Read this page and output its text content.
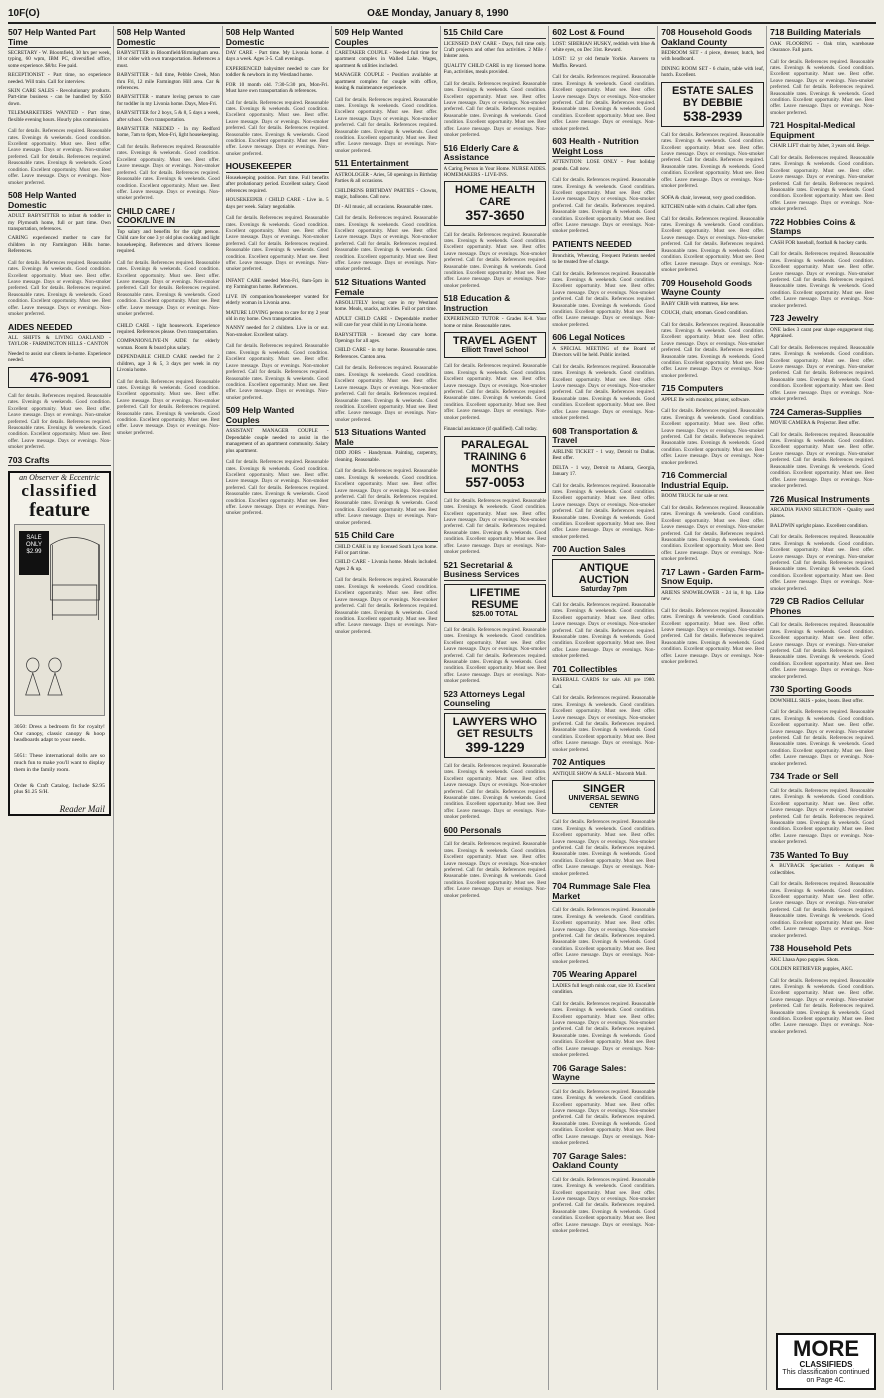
10F(O)	O&E Monday, January 8, 1990
507 Help Wanted Part Time

SECRETARY - W. Bloomfield, 30 hrs per week, typing, 60 wpm, IBM PC, diversified office, some experience. $8/hr. Fee paid.

RECEPTIONIST - Part time, no experience needed. Will train. Call for interview.

SKIN CARE SALES - Revolutionary products. Part-time business - can be handled by $350 down.

TELEMARKETERS WANTED - Part time, flexible evening hours. Hourly plus commission.

Call for details. References required. Reasonable rates. Evenings & weekends. Good condition. Excellent opportunity. Must see. Best offer. Leave message. Days or evenings. Non-smoker preferred. Call for details. References required. Reasonable rates. Evenings & weekends. Good condition. Excellent opportunity. Must see. Best offer. Leave message. Days or evenings. Non-smoker preferred.

508 Help Wanted Domestic

ADULT BABYSITTER to infant & toddler in my Plymouth home, full or part time. Own transportation, references.

CARING experienced mother to care for children in my Farmington Hills home. References.

Call for details. References required. Reasonable rates. Evenings & weekends. Good condition. Excellent opportunity. Must see. Best offer. Leave message. Days or evenings. Non-smoker preferred. Call for details. References required. Reasonable rates. Evenings & weekends. Good condition. Excellent opportunity. Must see. Best offer. Leave message. Days or evenings. Non-smoker preferred.

AIDES NEEDED

ALL SHIFTS & LIVING OAKLAND - TAYLOR - FARMINGTON HILLS - CANTON

Needed to assist our clients in-home. Experience needed.

476-9091

Call for details. References required. Reasonable rates. Evenings & weekends. Good condition. Excellent opportunity. Must see. Best offer. Leave message. Days or evenings. Non-smoker preferred. Call for details. References required. Reasonable rates. Evenings & weekends. Good condition. Excellent opportunity. Must see. Best offer. Leave message. Days or evenings. Non-smoker preferred.

703 Crafts

an Observer & Eccentric
classified
feature
SALE ONLY $2.99

3050: Dress a bedroom fit for royalty! Our canopy, classic canopy & hoop headboards adapt to your needs.

5051: These international dolls are so much fun to make you'll want to display them in the family room.

Order & Craft Catalog. Include $2.95 plus $1.25 S/H.

Reader Mail
508 Help Wanted Domestic

BABYSITTER in Bloomfield/Birmingham area. 18 or older with own transportation. References a must.

BABYSITTER - full time, Pebble Creek, Mon thru Fri, 12 mile Farmington Hill area. Car & references.

BABYSITTER - mature loving person to care for toddler in my Livonia home. Days, Mon-Fri.

BABYSITTER for 2 boys, 5 & 8, 5 days a week, after school. Own transportation.

BABYSITTER NEEDED - In my Redford home, 7am to 6pm, Mon-Fri, light housekeeping.

Call for details. References required. Reasonable rates. Evenings & weekends. Good condition. Excellent opportunity. Must see. Best offer. Leave message. Days or evenings. Non-smoker preferred. Call for details. References required. Reasonable rates. Evenings & weekends. Good condition. Excellent opportunity. Must see. Best offer. Leave message. Days or evenings. Non-smoker preferred.

CHILD CARE / COOK/LIVE IN

Top salary and benefits for the right person. Child care for one 3 yr old plus cooking and light housekeeping. References and drivers license required.

Call for details. References required. Reasonable rates. Evenings & weekends. Good condition. Excellent opportunity. Must see. Best offer. Leave message. Days or evenings. Non-smoker preferred. Call for details. References required. Reasonable rates. Evenings & weekends. Good condition. Excellent opportunity. Must see. Best offer. Leave message. Days or evenings. Non-smoker preferred.

CHILD CARE - light housework. Experience required. References please. Own transportation.

COMPANION/LIVE-IN AIDE for elderly woman. Room & board plus salary.

DEPENDABLE CHILD CARE needed for 2 children, age 3 & 5, 3 days per week in my Livonia home.

Call for details. References required. Reasonable rates. Evenings & weekends. Good condition. Excellent opportunity. Must see. Best offer. Leave message. Days or evenings. Non-smoker preferred. Call for details. References required. Reasonable rates. Evenings & weekends. Good condition. Excellent opportunity. Must see. Best offer. Leave message. Days or evenings. Non-smoker preferred.

508 Help Wanted Domestic

DAY CARE - Part time. My Livonia home. 4 days a week. Ages 3-5. Call evenings.

EXPERIENCED babysitter needed to care for toddler & newborn in my Westland home.

FOR 10 month old. 7:30-5:30 pm, Mon-Fri. Must have own transportation & references.

Call for details. References required. Reasonable rates. Evenings & weekends. Good condition. Excellent opportunity. Must see. Best offer. Leave message. Days or evenings. Non-smoker preferred. Call for details. References required. Reasonable rates. Evenings & weekends. Good condition. Excellent opportunity. Must see. Best offer. Leave message. Days or evenings. Non-smoker preferred.

HOUSEKEEPER

Housekeeping position. Part time. Full benefits after probationary period. Excellent salary. Good references required.

HOUSEKEEPER / CHILD CARE - Live in. 5 days per week. Salary negotiable.

Call for details. References required. Reasonable rates. Evenings & weekends. Good condition. Excellent opportunity. Must see. Best offer. Leave message. Days or evenings. Non-smoker preferred. Call for details. References required. Reasonable rates. Evenings & weekends. Good condition. Excellent opportunity. Must see. Best offer. Leave message. Days or evenings. Non-smoker preferred.

INFANT CARE needed Mon-Fri, 8am-5pm in my Farmington home. References.

LIVE IN companion/housekeeper wanted for elderly woman in Livonia area.

MATURE LOVING person to care for my 2 year old in my home. Own transportation.

NANNY needed for 2 children. Live in or out. Non-smoker. Excellent salary.

Call for details. References required. Reasonable rates. Evenings & weekends. Good condition. Excellent opportunity. Must see. Best offer. Leave message. Days or evenings. Non-smoker preferred. Call for details. References required. Reasonable rates. Evenings & weekends. Good condition. Excellent opportunity. Must see. Best offer. Leave message. Days or evenings. Non-smoker preferred.

509 Help Wanted Couples

ASSISTANT MANAGER COUPLE - Dependable couple needed to assist in the management of an apartment community. Salary plus apartment.

Call for details. References required. Reasonable rates. Evenings & weekends. Good condition. Excellent opportunity. Must see. Best offer. Leave message. Days or evenings. Non-smoker preferred. Call for details. References required. Reasonable rates. Evenings & weekends. Good condition. Excellent opportunity. Must see. Best offer. Leave message. Days or evenings. Non-smoker preferred.

509 Help Wanted Couples

CARETAKER COUPLE - Needed full time for apartment complex in Walled Lake. Wages, apartment & utilities included.

MANAGER COUPLE - Position available at apartment complex for couple with office, leasing & maintenance experience.

Call for details. References required. Reasonable rates. Evenings & weekends. Good condition. Excellent opportunity. Must see. Best offer. Leave message. Days or evenings. Non-smoker preferred. Call for details. References required. Reasonable rates. Evenings & weekends. Good condition. Excellent opportunity. Must see. Best offer. Leave message. Days or evenings. Non-smoker preferred.

511 Entertainment

ASTROLOGER - Aries, 50 openings in Birthday Parties & all occasions.

CHILDRENS BIRTHDAY PARTIES - Clowns, magic, balloons. Call now.

DJ - All music, all occasions. Reasonable rates.

Call for details. References required. Reasonable rates. Evenings & weekends. Good condition. Excellent opportunity. Must see. Best offer. Leave message. Days or evenings. Non-smoker preferred. Call for details. References required. Reasonable rates. Evenings & weekends. Good condition. Excellent opportunity. Must see. Best offer. Leave message. Days or evenings. Non-smoker preferred.

512 Situations Wanted Female

ABSOLUTELY loving care in my Westland home. Meals, snacks, activities. Full or part time.

ADULT CHILD CARE - Dependable mother will care for your child in my Livonia home.

BABYSITTER - licensed day care home. Openings for all ages.

CHILD CARE - in my home. Reasonable rates. References. Canton area.

Call for details. References required. Reasonable rates. Evenings & weekends. Good condition. Excellent opportunity. Must see. Best offer. Leave message. Days or evenings. Non-smoker preferred. Call for details. References required. Reasonable rates. Evenings & weekends. Good condition. Excellent opportunity. Must see. Best offer. Leave message. Days or evenings. Non-smoker preferred.

513 Situations Wanted Male

ODD JOBS - Handyman. Painting, carpentry, cleaning. Reasonable.

Call for details. References required. Reasonable rates. Evenings & weekends. Good condition. Excellent opportunity. Must see. Best offer. Leave message. Days or evenings. Non-smoker preferred. Call for details. References required. Reasonable rates. Evenings & weekends. Good condition. Excellent opportunity. Must see. Best offer. Leave message. Days or evenings. Non-smoker preferred.

515 Child Care

CHILD CARE in my licensed South Lyon home. Full or part time.

CHILD CARE - Livonia home. Meals included. Ages 2 & up.

Call for details. References required. Reasonable rates. Evenings & weekends. Good condition. Excellent opportunity. Must see. Best offer. Leave message. Days or evenings. Non-smoker preferred. Call for details. References required. Reasonable rates. Evenings & weekends. Good condition. Excellent opportunity. Must see. Best offer. Leave message. Days or evenings. Non-smoker preferred.

515 Child Care

LICENSED DAY CARE - Days, full time only. Craft projects and other fun activities. 2 Mile / Inkster area.

QUALITY CHILD CARE in my licensed home. Fun, activities, meals provided.

Call for details. References required. Reasonable rates. Evenings & weekends. Good condition. Excellent opportunity. Must see. Best offer. Leave message. Days or evenings. Non-smoker preferred. Call for details. References required. Reasonable rates. Evenings & weekends. Good condition. Excellent opportunity. Must see. Best offer. Leave message. Days or evenings. Non-smoker preferred.

516 Elderly Care & Assistance

A Caring Person in Your Home. NURSE AIDES. HOMEMAKERS - LIVE-INS.

HOME HEALTH CARE
357-3650

Call for details. References required. Reasonable rates. Evenings & weekends. Good condition. Excellent opportunity. Must see. Best offer. Leave message. Days or evenings. Non-smoker preferred. Call for details. References required. Reasonable rates. Evenings & weekends. Good condition. Excellent opportunity. Must see. Best offer. Leave message. Days or evenings. Non-smoker preferred.

518 Education & Instruction

EXPERIENCED TUTOR - Grades K-8. Your home or mine. Reasonable rates.

TRAVEL AGENT
Elliott Travel School

Call for details. References required. Reasonable rates. Evenings & weekends. Good condition. Excellent opportunity. Must see. Best offer. Leave message. Days or evenings. Non-smoker preferred. Call for details. References required. Reasonable rates. Evenings & weekends. Good condition. Excellent opportunity. Must see. Best offer. Leave message. Days or evenings. Non-smoker preferred.

Financial assistance (if qualified). Call today.

PARALEGAL TRAINING 6 MONTHS
557-0053

Call for details. References required. Reasonable rates. Evenings & weekends. Good condition. Excellent opportunity. Must see. Best offer. Leave message. Days or evenings. Non-smoker preferred. Call for details. References required. Reasonable rates. Evenings & weekends. Good condition. Excellent opportunity. Must see. Best offer. Leave message. Days or evenings. Non-smoker preferred.

521 Secretarial & Business Services
LIFETIME RESUME
$25.00 TOTAL

Call for details. References required. Reasonable rates. Evenings & weekends. Good condition. Excellent opportunity. Must see. Best offer. Leave message. Days or evenings. Non-smoker preferred. Call for details. References required. Reasonable rates. Evenings & weekends. Good condition. Excellent opportunity. Must see. Best offer. Leave message. Days or evenings. Non-smoker preferred.

523 Attorneys Legal Counseling
LAWYERS WHO GET RESULTS
399-1229

Call for details. References required. Reasonable rates. Evenings & weekends. Good condition. Excellent opportunity. Must see. Best offer. Leave message. Days or evenings. Non-smoker preferred. Call for details. References required. Reasonable rates. Evenings & weekends. Good condition. Excellent opportunity. Must see. Best offer. Leave message. Days or evenings. Non-smoker preferred.

600 Personals

Call for details. References required. Reasonable rates. Evenings & weekends. Good condition. Excellent opportunity. Must see. Best offer. Leave message. Days or evenings. Non-smoker preferred. Call for details. References required. Reasonable rates. Evenings & weekends. Good condition. Excellent opportunity. Must see. Best offer. Leave message. Days or evenings. Non-smoker preferred.

602 Lost & Found

LOST: SIBERIAN HUSKY, reddish with blue & white eyes, on Dec 31st. Reward.

LOST: 12 yr old female Yorkie. Answers to Muffin. Reward.

Call for details. References required. Reasonable rates. Evenings & weekends. Good condition. Excellent opportunity. Must see. Best offer. Leave message. Days or evenings. Non-smoker preferred. Call for details. References required. Reasonable rates. Evenings & weekends. Good condition. Excellent opportunity. Must see. Best offer. Leave message. Days or evenings. Non-smoker preferred.

603 Health - Nutrition Weight Loss

ATTENTION: LOSE ONLY - Post holiday pounds. Call now.

Call for details. References required. Reasonable rates. Evenings & weekends. Good condition. Excellent opportunity. Must see. Best offer. Leave message. Days or evenings. Non-smoker preferred. Call for details. References required. Reasonable rates. Evenings & weekends. Good condition. Excellent opportunity. Must see. Best offer. Leave message. Days or evenings. Non-smoker preferred.

PATIENTS NEEDED

Bronchitis, Wheezing, Frequent Patients needed to be treated free of charge.

Call for details. References required. Reasonable rates. Evenings & weekends. Good condition. Excellent opportunity. Must see. Best offer. Leave message. Days or evenings. Non-smoker preferred. Call for details. References required. Reasonable rates. Evenings & weekends. Good condition. Excellent opportunity. Must see. Best offer. Leave message. Days or evenings. Non-smoker preferred.

606 Legal Notices

A SPECIAL MEETING of the Board of Directors will be held. Public invited.

Call for details. References required. Reasonable rates. Evenings & weekends. Good condition. Excellent opportunity. Must see. Best offer. Leave message. Days or evenings. Non-smoker preferred. Call for details. References required. Reasonable rates. Evenings & weekends. Good condition. Excellent opportunity. Must see. Best offer. Leave message. Days or evenings. Non-smoker preferred.

608 Transportation & Travel

AIRLINE TICKET - 1 way, Detroit to Dallas. Best offer.

DELTA - 1 way, Detroit to Atlanta, Georgia, January 17.

Call for details. References required. Reasonable rates. Evenings & weekends. Good condition. Excellent opportunity. Must see. Best offer. Leave message. Days or evenings. Non-smoker preferred. Call for details. References required. Reasonable rates. Evenings & weekends. Good condition. Excellent opportunity. Must see. Best offer. Leave message. Days or evenings. Non-smoker preferred.

700 Auction Sales
ANTIQUE AUCTION
Saturday 7pm

Call for details. References required. Reasonable rates. Evenings & weekends. Good condition. Excellent opportunity. Must see. Best offer. Leave message. Days or evenings. Non-smoker preferred. Call for details. References required. Reasonable rates. Evenings & weekends. Good condition. Excellent opportunity. Must see. Best offer. Leave message. Days or evenings. Non-smoker preferred.

701 Collectibles

BASEBALL CARDS for sale. All pre 1980. Call.

Call for details. References required. Reasonable rates. Evenings & weekends. Good condition. Excellent opportunity. Must see. Best offer. Leave message. Days or evenings. Non-smoker preferred. Call for details. References required. Reasonable rates. Evenings & weekends. Good condition. Excellent opportunity. Must see. Best offer. Leave message. Days or evenings. Non-smoker preferred.

702 Antiques

ANTIQUE SHOW & SALE - Macomb Mall.

SINGER
UNIVERSAL SEWING CENTER

Call for details. References required. Reasonable rates. Evenings & weekends. Good condition. Excellent opportunity. Must see. Best offer. Leave message. Days or evenings. Non-smoker preferred. Call for details. References required. Reasonable rates. Evenings & weekends. Good condition. Excellent opportunity. Must see. Best offer. Leave message. Days or evenings. Non-smoker preferred.

704 Rummage Sale Flea Market

Call for details. References required. Reasonable rates. Evenings & weekends. Good condition. Excellent opportunity. Must see. Best offer. Leave message. Days or evenings. Non-smoker preferred. Call for details. References required. Reasonable rates. Evenings & weekends. Good condition. Excellent opportunity. Must see. Best offer. Leave message. Days or evenings. Non-smoker preferred.

705 Wearing Apparel

LADIES full length mink coat, size 10. Excellent condition.

Call for details. References required. Reasonable rates. Evenings & weekends. Good condition. Excellent opportunity. Must see. Best offer. Leave message. Days or evenings. Non-smoker preferred. Call for details. References required. Reasonable rates. Evenings & weekends. Good condition. Excellent opportunity. Must see. Best offer. Leave message. Days or evenings. Non-smoker preferred.

706 Garage Sales: Wayne

Call for details. References required. Reasonable rates. Evenings & weekends. Good condition. Excellent opportunity. Must see. Best offer. Leave message. Days or evenings. Non-smoker preferred. Call for details. References required. Reasonable rates. Evenings & weekends. Good condition. Excellent opportunity. Must see. Best offer. Leave message. Days or evenings. Non-smoker preferred.

707 Garage Sales: Oakland County

Call for details. References required. Reasonable rates. Evenings & weekends. Good condition. Excellent opportunity. Must see. Best offer. Leave message. Days or evenings. Non-smoker preferred. Call for details. References required. Reasonable rates. Evenings & weekends. Good condition. Excellent opportunity. Must see. Best offer. Leave message. Days or evenings. Non-smoker preferred.

708 Household Goods Oakland County

BEDROOM SET - 4 piece, dresser, hutch, bed with headboard.

DINING ROOM SET - 6 chairs, table with leaf, hutch. Excellent.

ESTATE SALES BY DEBBIE
538-2939

Call for details. References required. Reasonable rates. Evenings & weekends. Good condition. Excellent opportunity. Must see. Best offer. Leave message. Days or evenings. Non-smoker preferred. Call for details. References required. Reasonable rates. Evenings & weekends. Good condition. Excellent opportunity. Must see. Best offer. Leave message. Days or evenings. Non-smoker preferred.

SOFA & chair, loveseat, very good condition.

KITCHEN table with 4 chairs. Call after 6pm.

Call for details. References required. Reasonable rates. Evenings & weekends. Good condition. Excellent opportunity. Must see. Best offer. Leave message. Days or evenings. Non-smoker preferred. Call for details. References required. Reasonable rates. Evenings & weekends. Good condition. Excellent opportunity. Must see. Best offer. Leave message. Days or evenings. Non-smoker preferred.

709 Household Goods Wayne County

BABY CRIB with mattress, like new.

COUCH, chair, ottoman. Good condition.

Call for details. References required. Reasonable rates. Evenings & weekends. Good condition. Excellent opportunity. Must see. Best offer. Leave message. Days or evenings. Non-smoker preferred. Call for details. References required. Reasonable rates. Evenings & weekends. Good condition. Excellent opportunity. Must see. Best offer. Leave message. Days or evenings. Non-smoker preferred.

715 Computers

APPLE IIe with monitor, printer, software.

Call for details. References required. Reasonable rates. Evenings & weekends. Good condition. Excellent opportunity. Must see. Best offer. Leave message. Days or evenings. Non-smoker preferred. Call for details. References required. Reasonable rates. Evenings & weekends. Good condition. Excellent opportunity. Must see. Best offer. Leave message. Days or evenings. Non-smoker preferred.

716 Commercial Industrial Equip.

BOOM TRUCK for sale or rent.

Call for details. References required. Reasonable rates. Evenings & weekends. Good condition. Excellent opportunity. Must see. Best offer. Leave message. Days or evenings. Non-smoker preferred. Call for details. References required. Reasonable rates. Evenings & weekends. Good condition. Excellent opportunity. Must see. Best offer. Leave message. Days or evenings. Non-smoker preferred.

717 Lawn - Garden Farm-Snow Equip.

ARIENS SNOWBLOWER - 24 in, 8 hp. Like new.

Call for details. References required. Reasonable rates. Evenings & weekends. Good condition. Excellent opportunity. Must see. Best offer. Leave message. Days or evenings. Non-smoker preferred. Call for details. References required. Reasonable rates. Evenings & weekends. Good condition. Excellent opportunity. Must see. Best offer. Leave message. Days or evenings. Non-smoker preferred.

718 Building Materials

OAK FLOORING - Oak trim, warehouse clearance. Fall parts.

Call for details. References required. Reasonable rates. Evenings & weekends. Good condition. Excellent opportunity. Must see. Best offer. Leave message. Days or evenings. Non-smoker preferred. Call for details. References required. Reasonable rates. Evenings & weekends. Good condition. Excellent opportunity. Must see. Best offer. Leave message. Days or evenings. Non-smoker preferred.

721 Hospital-Medical Equipment

CHAIR LIFT chair by Jubet, 3 years old. Beige.

Call for details. References required. Reasonable rates. Evenings & weekends. Good condition. Excellent opportunity. Must see. Best offer. Leave message. Days or evenings. Non-smoker preferred. Call for details. References required. Reasonable rates. Evenings & weekends. Good condition. Excellent opportunity. Must see. Best offer. Leave message. Days or evenings. Non-smoker preferred.

722 Hobbies Coins & Stamps

CASH FOR baseball, football & hockey cards.

Call for details. References required. Reasonable rates. Evenings & weekends. Good condition. Excellent opportunity. Must see. Best offer. Leave message. Days or evenings. Non-smoker preferred. Call for details. References required. Reasonable rates. Evenings & weekends. Good condition. Excellent opportunity. Must see. Best offer. Leave message. Days or evenings. Non-smoker preferred.

723 Jewelry

ONE ladies 3 carat pear shape engagement ring. Appraised.

Call for details. References required. Reasonable rates. Evenings & weekends. Good condition. Excellent opportunity. Must see. Best offer. Leave message. Days or evenings. Non-smoker preferred. Call for details. References required. Reasonable rates. Evenings & weekends. Good condition. Excellent opportunity. Must see. Best offer. Leave message. Days or evenings. Non-smoker preferred.

724 Cameras-Supplies

MOVIE CAMERA & Projector. Best offer.

Call for details. References required. Reasonable rates. Evenings & weekends. Good condition. Excellent opportunity. Must see. Best offer. Leave message. Days or evenings. Non-smoker preferred. Call for details. References required. Reasonable rates. Evenings & weekends. Good condition. Excellent opportunity. Must see. Best offer. Leave message. Days or evenings. Non-smoker preferred.

726 Musical Instruments

ARCADIA PIANO SELECTION - Quality used pianos.

BALDWIN upright piano. Excellent condition.

Call for details. References required. Reasonable rates. Evenings & weekends. Good condition. Excellent opportunity. Must see. Best offer. Leave message. Days or evenings. Non-smoker preferred. Call for details. References required. Reasonable rates. Evenings & weekends. Good condition. Excellent opportunity. Must see. Best offer. Leave message. Days or evenings. Non-smoker preferred.

729 CB Radios Cellular Phones

Call for details. References required. Reasonable rates. Evenings & weekends. Good condition. Excellent opportunity. Must see. Best offer. Leave message. Days or evenings. Non-smoker preferred. Call for details. References required. Reasonable rates. Evenings & weekends. Good condition. Excellent opportunity. Must see. Best offer. Leave message. Days or evenings. Non-smoker preferred.

730 Sporting Goods

DOWNHILL SKIS - poles, boots. Best offer.

Call for details. References required. Reasonable rates. Evenings & weekends. Good condition. Excellent opportunity. Must see. Best offer. Leave message. Days or evenings. Non-smoker preferred. Call for details. References required. Reasonable rates. Evenings & weekends. Good condition. Excellent opportunity. Must see. Best offer. Leave message. Days or evenings. Non-smoker preferred.

734 Trade or Sell

Call for details. References required. Reasonable rates. Evenings & weekends. Good condition. Excellent opportunity. Must see. Best offer. Leave message. Days or evenings. Non-smoker preferred. Call for details. References required. Reasonable rates. Evenings & weekends. Good condition. Excellent opportunity. Must see. Best offer. Leave message. Days or evenings. Non-smoker preferred.

735 Wanted To Buy

A BUYBACK Specialists - Antiques & collectibles.

Call for details. References required. Reasonable rates. Evenings & weekends. Good condition. Excellent opportunity. Must see. Best offer. Leave message. Days or evenings. Non-smoker preferred. Call for details. References required. Reasonable rates. Evenings & weekends. Good condition. Excellent opportunity. Must see. Best offer. Leave message. Days or evenings. Non-smoker preferred.

738 Household Pets

AKC Lhasa Apso puppies. Shots.

GOLDEN RETRIEVER puppies, AKC.

Call for details. References required. Reasonable rates. Evenings & weekends. Good condition. Excellent opportunity. Must see. Best offer. Leave message. Days or evenings. Non-smoker preferred. Call for details. References required. Reasonable rates. Evenings & weekends. Good condition. Excellent opportunity. Must see. Best offer. Leave message. Days or evenings. Non-smoker preferred.

MORE
CLASSIFIEDS
This classification continued on Page 4C.
